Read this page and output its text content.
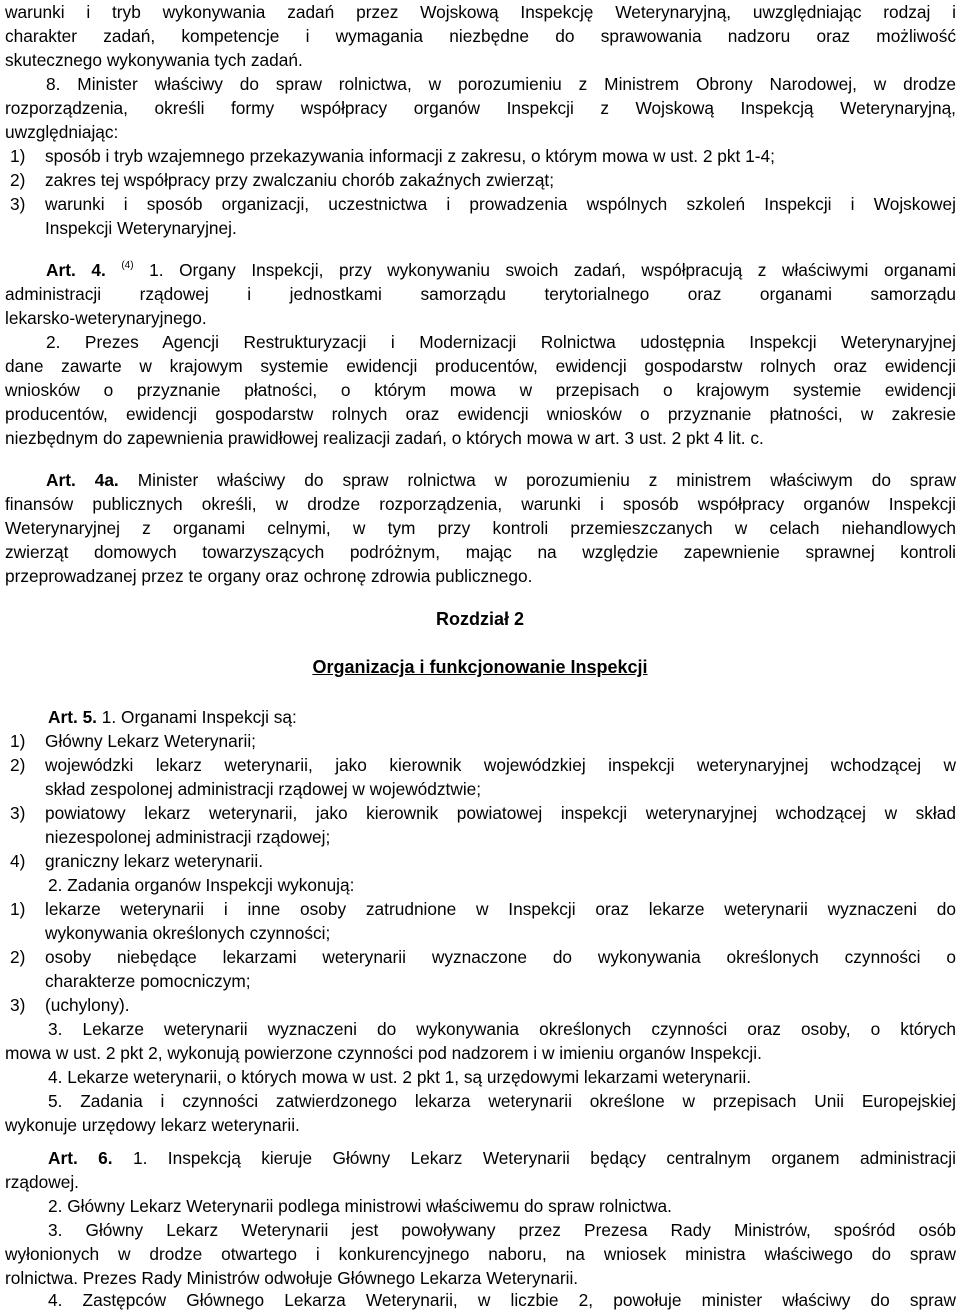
warunki i tryb wykonywania zadań przez Wojskową Inspekcję Weterynaryjną, uwzględniając rodzaj i
charakter zadań, kompetencje i wymagania niezbędne do sprawowania nadzoru oraz możliwość
skutecznego wykonywania tych zadań.
8. Minister właściwy do spraw rolnictwa, w porozumieniu z Ministrem Obrony Narodowej, w drodze
rozporządzenia, określi formy współpracy organów Inspekcji z Wojskową Inspekcją Weterynaryjną,
uwzględniając:
1) sposób i tryb wzajemnego przekazywania informacji z zakresu, o którym mowa w ust. 2 pkt 1-4;
2) zakres tej współpracy przy zwalczaniu chorób zakaźnych zwierząt;
3) warunki i sposób organizacji, uczestnictwa i prowadzenia wspólnych szkoleń Inspekcji i Wojskowej
Inspekcji Weterynaryjnej.
Art. 4. $^{(4)}$ 1. Organy Inspekcji, przy wykonywaniu swoich zadań, współpracują z właściwymi organami
administracji rządowej i jednostkami samorządu terytorialnego oraz organami samorządu
lekarsko-weterynaryjnego.
2. Prezes Agencji Restrukturyzacji i Modernizacji Rolnictwa udostępnia Inspekcji Weterynaryjnej
dane zawarte w krajowym systemie ewidencji producentów, ewidencji gospodarstw rolnych oraz ewidencji
wniosków o przyznanie płatności, o którym mowa w przepisach o krajowym systemie ewidencji
producentów, ewidencji gospodarstw rolnych oraz ewidencji wniosków o przyznanie płatności, w zakresie
niezbędnym do zapewnienia prawidłowej realizacji zadań, o których mowa w art. 3 ust. 2 pkt 4 lit. c.
Art. 4a. Minister właściwy do spraw rolnictwa w porozumieniu z ministrem właściwym do spraw
finansów publicznych określi, w drodze rozporządzenia, warunki i sposób współpracy organów Inspekcji
Weterynaryjnej z organami celnymi, w tym przy kontroli przemieszczanych w celach niehandlowych
zwierząt domowych towarzyszących podróżnym, mając na względzie zapewnienie sprawnej kontroli
przeprowadzanej przez te organy oraz ochronę zdrowia publicznego.
Rozdział 2
Organizacja i funkcjonowanie Inspekcji
Art. 5. 1. Organami Inspekcji są:
1) Główny Lekarz Weterynarii;
2) wojewódzki lekarz weterynarii, jako kierownik wojewódzkiej inspekcji weterynaryjnej wchodzącej w
skład zespolonej administracji rządowej w województwie;
3) powiatowy lekarz weterynarii, jako kierownik powiatowej inspekcji weterynaryjnej wchodzącej w skład
niezespolonej administracji rządowej;
4) graniczny lekarz weterynarii.
2. Zadania organów Inspekcji wykonują:
1) lekarze weterynarii i inne osoby zatrudnione w Inspekcji oraz lekarze weterynarii wyznaczeni do
wykonywania określonych czynności;
2) osoby niebędące lekarzami weterynarii wyznaczone do wykonywania określonych czynności o
charakterze pomocniczym;
3) (uchylony).
3. Lekarze weterynarii wyznaczeni do wykonywania określonych czynności oraz osoby, o których
mowa w ust. 2 pkt 2, wykonują powierzone czynności pod nadzorem i w imieniu organów Inspekcji.
4. Lekarze weterynarii, o których mowa w ust. 2 pkt 1, są urzędowymi lekarzami weterynarii.
5. Zadania i czynności zatwierdzonego lekarza weterynarii określone w przepisach Unii Europejskiej
wykonuje urzędowy lekarz weterynarii.
Art. 6. 1. Inspekcją kieruje Główny Lekarz Weterynarii będący centralnym organem administracji
rządowej.
2. Główny Lekarz Weterynarii podlega ministrowi właściwemu do spraw rolnictwa.
3. Główny Lekarz Weterynarii jest powoływany przez Prezesa Rady Ministrów, spośród osób
wyłonionych w drodze otwartego i konkurencyjnego naboru, na wniosek ministra właściwego do spraw
rolnictwa. Prezes Rady Ministrów odwołuje Głównego Lekarza Weterynarii.
4. Zastępców Głównego Lekarza Weterynarii, w liczbie 2, powołuje minister właściwy do spraw
